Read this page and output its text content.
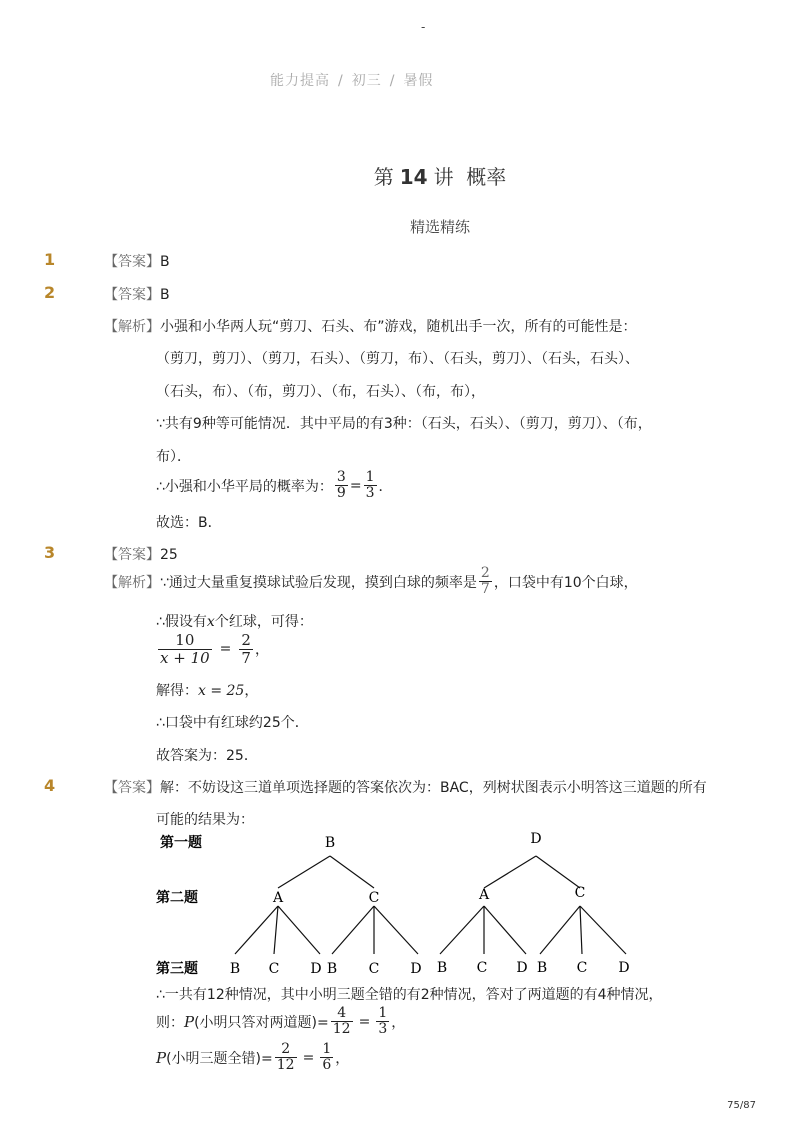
-
能力提高 / 初三 / 暑假
第 14 讲 概率
精选精练
1	【答案】B
2	【答案】B
【解析】小强和小华两人玩“剪刀、石头、布”游戏，随机出手一次，所有的可能性是：
（剪刀，剪刀）、（剪刀，石头）、（剪刀，布）、（石头，剪刀）、（石头，石头）、
（石头，布）、（布，剪刀）、（布，石头）、（布，布），
∵共有9种等可能情况．其中平局的有3种：（石头，石头）、（剪刀，剪刀）、（布，
布）．
∴小强和小华平局的概率为： $\frac{3}{9} = \frac{1}{3}$ ．
故选：B．
3	【答案】25
【解析】∵通过大量重复摸球试验后发现，摸到白球的频率是 $\frac{2}{7}$ ，口袋中有10个白球，
∴假设有x个红球，可得：
$\frac{10}{x + 10} = \frac{2}{7}$ ，
解得：x = 25，
∴口袋中有红球约25个．
故答案为：25．
4	【答案】解：不妨设这三道单项选择题的答案依次为：BAC，列树状图表示小明答这三道题的所有
可能的结果为：
第一题
第二题
第三题
B	D
A	C	A	C
B C D B C D B C D B C D
∴一共有12种情况，其中小明三题全错的有2种情况，答对了两道题的有4种情况，
则：P(小明只答对两道题)= $\frac{4}{12} = \frac{1}{3}$ ，
P(小明三题全错)= $\frac{2}{12} = \frac{1}{6}$ ，
75/87
